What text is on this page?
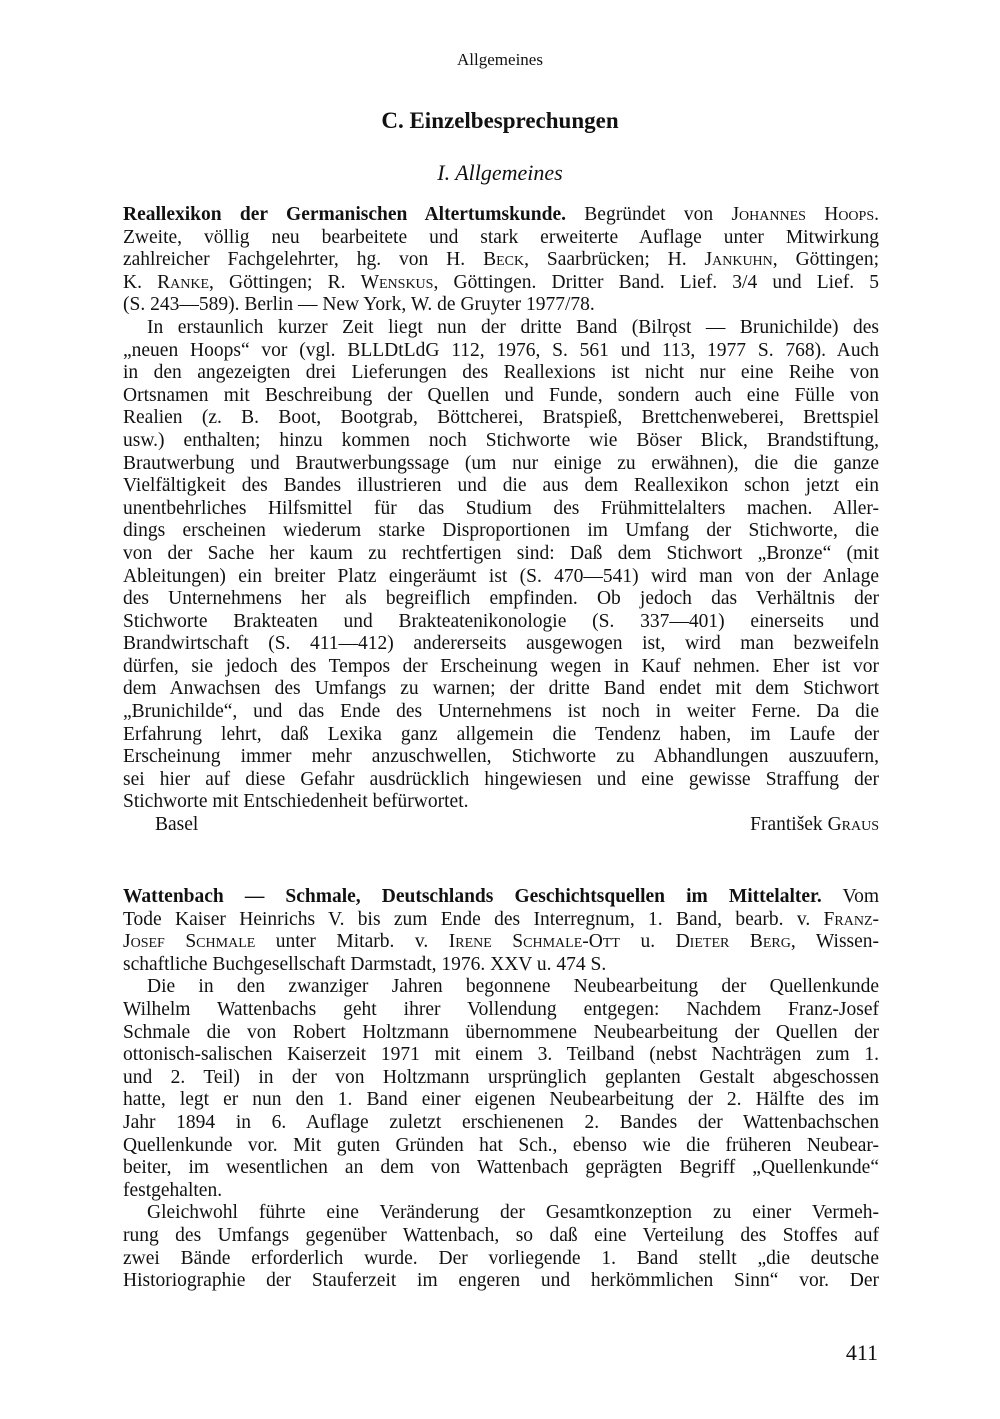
Allgemeines
C. Einzelbesprechungen
I. Allgemeines
Reallexikon der Germanischen Altertumskunde. Begründet von Johannes Hoops.
Zweite, völlig neu bearbeitete und stark erweiterte Auflage unter Mitwirkung
zahlreicher Fachgelehrter, hg. von H. Beck, Saarbrücken; H. Jankuhn, Göttingen;
K. Ranke, Göttingen; R. Wenskus, Göttingen. Dritter Band. Lief. 3/4 und Lief. 5
(S. 243—589). Berlin — New York, W. de Gruyter 1977/78.
In erstaunlich kurzer Zeit liegt nun der dritte Band (Bilrǫst — Brunichilde) des
„neuen Hoops“ vor (vgl. BLLDtLdG 112, 1976, S. 561 und 113, 1977 S. 768). Auch
in den angezeigten drei Lieferungen des Reallexions ist nicht nur eine Reihe von
Ortsnamen mit Beschreibung der Quellen und Funde, sondern auch eine Fülle von
Realien (z. B. Boot, Bootgrab, Böttcherei, Bratspieß, Brettchenweberei, Brettspiel
usw.) enthalten; hinzu kommen noch Stichworte wie Böser Blick, Brandstiftung,
Brautwerbung und Brautwerbungssage (um nur einige zu erwähnen), die die ganze
Vielfältigkeit des Bandes illustrieren und die aus dem Reallexikon schon jetzt ein
unentbehrliches Hilfsmittel für das Studium des Frühmittelalters machen. Aller-
dings erscheinen wiederum starke Disproportionen im Umfang der Stichworte, die
von der Sache her kaum zu rechtfertigen sind: Daß dem Stichwort „Bronze“ (mit
Ableitungen) ein breiter Platz eingeräumt ist (S. 470—541) wird man von der Anlage
des Unternehmens her als begreiflich empfinden. Ob jedoch das Verhältnis der
Stichworte Brakteaten und Brakteatenikonologie (S. 337—401) einerseits und
Brandwirtschaft (S. 411—412) andererseits ausgewogen ist, wird man bezweifeln
dürfen, sie jedoch des Tempos der Erscheinung wegen in Kauf nehmen. Eher ist vor
dem Anwachsen des Umfangs zu warnen; der dritte Band endet mit dem Stichwort
„Brunichilde“, und das Ende des Unternehmens ist noch in weiter Ferne. Da die
Erfahrung lehrt, daß Lexika ganz allgemein die Tendenz haben, im Laufe der
Erscheinung immer mehr anzuschwellen, Stichworte zu Abhandlungen auszuufern,
sei hier auf diese Gefahr ausdrücklich hingewiesen und eine gewisse Straffung der
Stichworte mit Entschiedenheit befürwortet.
Basel	František Graus
Wattenbach — Schmale, Deutschlands Geschichtsquellen im Mittelalter. Vom
Tode Kaiser Heinrichs V. bis zum Ende des Interregnum, 1. Band, bearb. v. Franz-
Josef Schmale unter Mitarb. v. Irene Schmale-Ott u. Dieter Berg, Wissen-
schaftliche Buchgesellschaft Darmstadt, 1976. XXV u. 474 S.
Die in den zwanziger Jahren begonnene Neubearbeitung der Quellenkunde
Wilhelm Wattenbachs geht ihrer Vollendung entgegen: Nachdem Franz-Josef
Schmale die von Robert Holtzmann übernommene Neubearbeitung der Quellen der
ottonisch-salischen Kaiserzeit 1971 mit einem 3. Teilband (nebst Nachträgen zum 1.
und 2. Teil) in der von Holtzmann ursprünglich geplanten Gestalt abgeschossen
hatte, legt er nun den 1. Band einer eigenen Neubearbeitung der 2. Hälfte des im
Jahr 1894 in 6. Auflage zuletzt erschienenen 2. Bandes der Wattenbachschen
Quellenkunde vor. Mit guten Gründen hat Sch., ebenso wie die früheren Neubear-
beiter, im wesentlichen an dem von Wattenbach geprägten Begriff „Quellenkunde“
festgehalten.
Gleichwohl führte eine Veränderung der Gesamtkonzeption zu einer Vermeh-
rung des Umfangs gegenüber Wattenbach, so daß eine Verteilung des Stoffes auf
zwei Bände erforderlich wurde. Der vorliegende 1. Band stellt „die deutsche
Historiographie der Stauferzeit im engeren und herkömmlichen Sinn“ vor. Der
411
